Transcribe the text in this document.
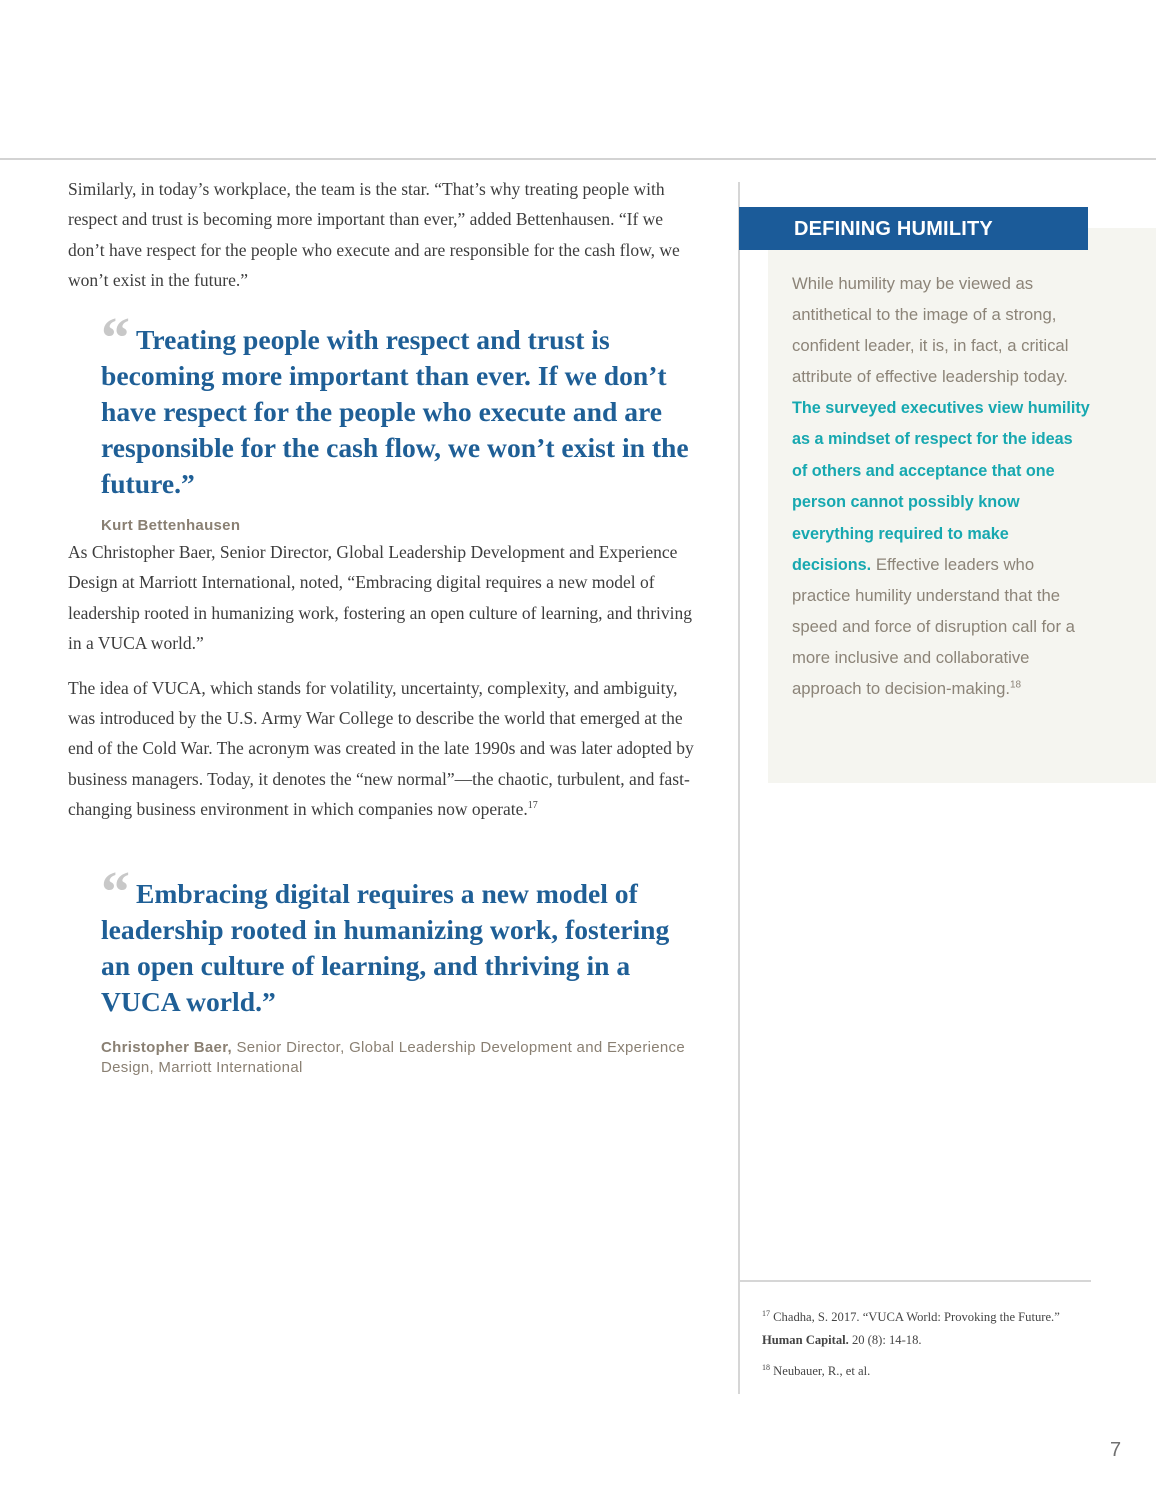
Similarly, in today’s workplace, the team is the star. “That’s why treating people with respect and trust is becoming more important than ever,” added Bettenhausen. “If we don’t have respect for the people who execute and are responsible for the cash flow, we won’t exist in the future.”

“ Treating people with respect and trust is becoming more important than ever. If we don’t have respect for the people who execute and are responsible for the cash flow, we won’t exist in the future.”

Kurt Bettenhausen

As Christopher Baer, Senior Director, Global Leadership Development and Experience Design at Marriott International, noted, “Embracing digital requires a new model of leadership rooted in humanizing work, fostering an open culture of learning, and thriving in a VUCA world.”

The idea of VUCA, which stands for volatility, uncertainty, complexity, and ambiguity, was introduced by the U.S. Army War College to describe the world that emerged at the end of the Cold War. The acronym was created in the late 1990s and was later adopted by business managers. Today, it denotes the “new normal”—the chaotic, turbulent, and fast-changing business environment in which companies now operate.$^{17}$

“ Embracing digital requires a new model of leadership rooted in humanizing work, fostering an open culture of learning, and thriving in a VUCA world.”

Christopher Baer, Senior Director, Global Leadership Development and Experience Design, Marriott International

DEFINING HUMILITY

While humility may be viewed as antithetical to the image of a strong, confident leader, it is, in fact, a critical attribute of effective leadership today. The surveyed executives view humility as a mindset of respect for the ideas of others and acceptance that one person cannot possibly know everything required to make decisions. Effective leaders who practice humility understand that the speed and force of disruption call for a more inclusive and collaborative approach to decision-making.$^{18}$

$^{17}$ Chadha, S. 2017. “VUCA World: Provoking the Future.” Human Capital. 20 (8): 14-18.

$^{18}$ Neubauer, R., et al.

7
